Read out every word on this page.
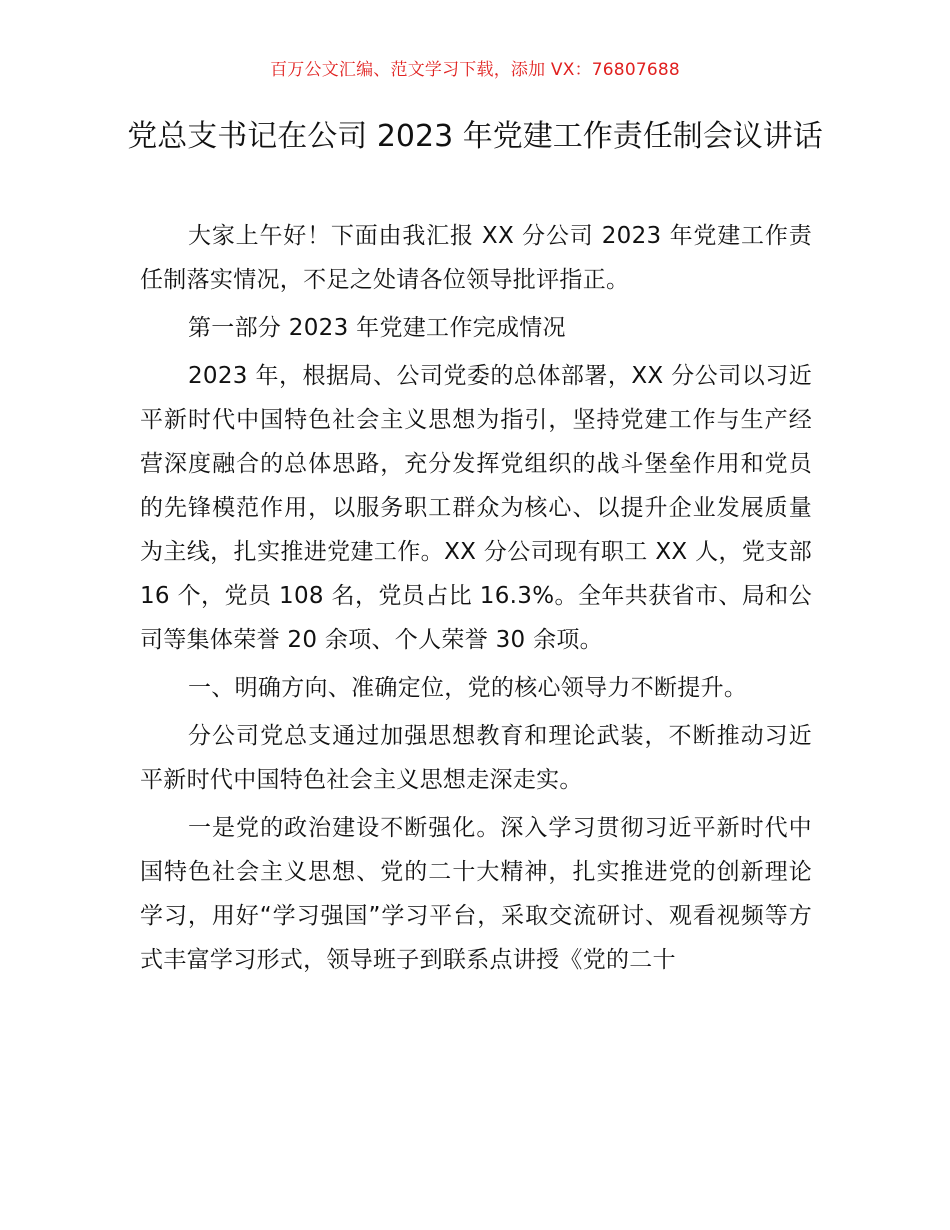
百万公文汇编、范文学习下载，添加 VX：76807688
党总支书记在公司 2023 年党建工作责任制会议讲话

大家上午好！下面由我汇报 XX 分公司 2023 年党建工作责任制落实情况，不足之处请各位领导批评指正。

第一部分 2023 年党建工作完成情况

2023 年，根据局、公司党委的总体部署，XX 分公司以习近平新时代中国特色社会主义思想为指引，坚持党建工作与生产经营深度融合的总体思路，充分发挥党组织的战斗堡垒作用和党员的先锋模范作用，以服务职工群众为核心、以提升企业发展质量为主线，扎实推进党建工作。XX 分公司现有职工 XX 人，党支部 16 个，党员 108 名，党员占比 16.3%。全年共获省市、局和公司等集体荣誉 20 余项、个人荣誉 30 余项。

一、明确方向、准确定位，党的核心领导力不断提升。

分公司党总支通过加强思想教育和理论武装，不断推动习近平新时代中国特色社会主义思想走深走实。

一是党的政治建设不断强化。深入学习贯彻习近平新时代中国特色社会主义思想、党的二十大精神，扎实推进党的创新理论学习，用好“学习强国”学习平台，采取交流研讨、观看视频等方式丰富学习形式，领导班子到联系点讲授《党的二十
